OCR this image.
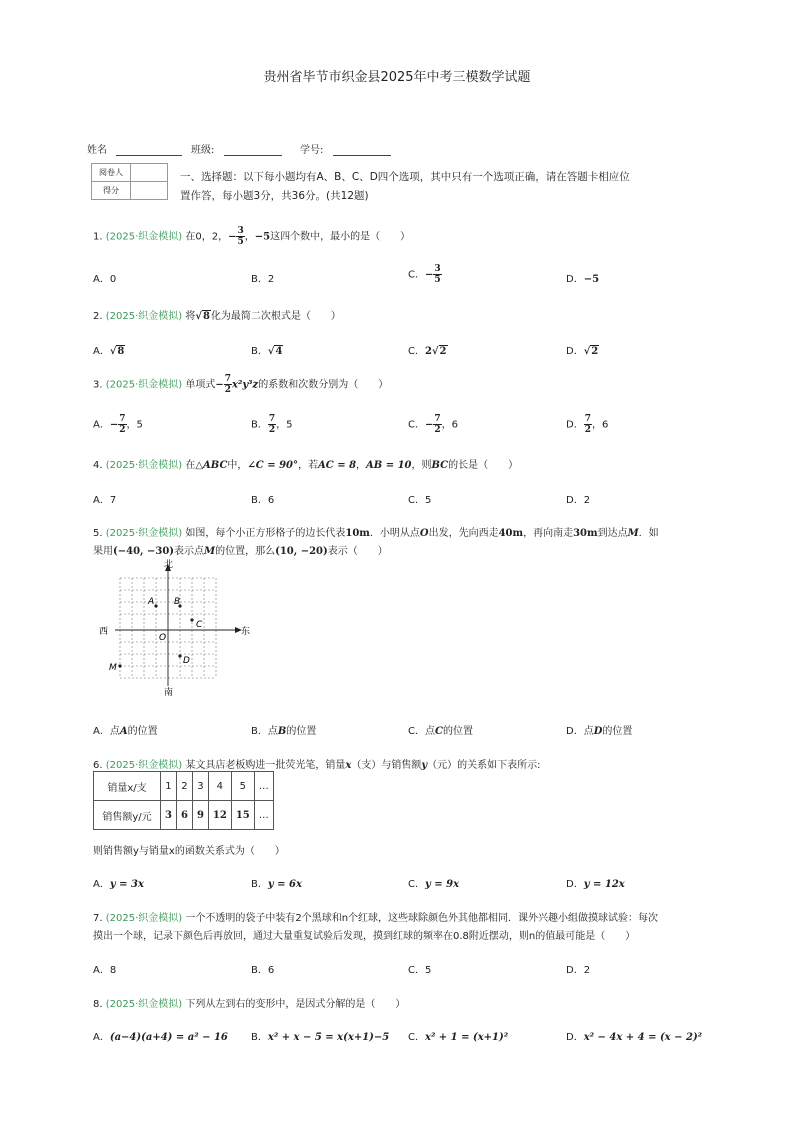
贵州省毕节市织金县2025年中考三模数学试题
姓名	班级:	学号:
阅卷人	
得分	
一、选择题：以下每小题均有A、B、C、D四个选项，其中只有一个选项正确，请在答题卡相应位置作答，每小题3分，共36分。(共12题)
1. (2025·织金模拟) 在0，2，− $\frac{3}{5}$ ，−5这四个数中，最小的是（　　）
A．0	B．2	C．− $\frac{3}{5}$	D．−5
2. (2025·织金模拟) 将√8化为最简二次根式是（　　）
A．√8	B．√4	C．2√2	D．√2
3. (2025·织金模拟) 单项式− $\frac{7}{2} x^2y^3z$的系数和次数分别为（　　）
A．− $\frac{7}{2}$ ，5	B． $\frac{7}{2}$ ，5	C．− $\frac{7}{2}$ ，6	D． $\frac{7}{2}$ ，6
4. (2025·织金模拟) 在△ABC中，∠C = 90°，若AC = 8，AB = 10，则BC的长是（　　）
A．7	B．6	C．5	D．2
5. (2025·织金模拟) 如图，每个小正方形格子的边长代表10m．小明从点O出发，先向西走40m，再向南走30m到达点M．如
果用(−40, −30)表示点M的位置，那么(10, −20)表示（　　）
北
南
西	东
O
A B
C
D
M
A．点A的位置	B．点B的位置	C．点C的位置	D．点D的位置
6. (2025·织金模拟) 某文具店老板购进一批荧光笔，销量x（支）与销售额y（元）的关系如下表所示:
销量x/支	1	2	3	4	5	…
销售额y/元	3	6	9	12	15	…
则销售额y与销量x的函数关系式为（　　）
A．y = 3x	B．y = 6x	C．y = 9x	D．y = 12x
7. (2025·织金模拟) 一个不透明的袋子中装有2个黑球和n个红球，这些球除颜色外其他都相同．课外兴趣小组做摸球试验：每次
摸出一个球，记录下颜色后再放回，通过大量重复试验后发现，摸到红球的频率在0.8附近摆动，则n的值最可能是（　　）
A．8	B．6	C．5	D．2
8. (2025·织金模拟) 下列从左到右的变形中，是因式分解的是（　　）
A．(a−4)(a+4) = a² − 16 B．x² + x − 5 = x(x+1)−5 C．x² + 1 = (x+1)²	D．x² − 4x + 4 = (x − 2)²
